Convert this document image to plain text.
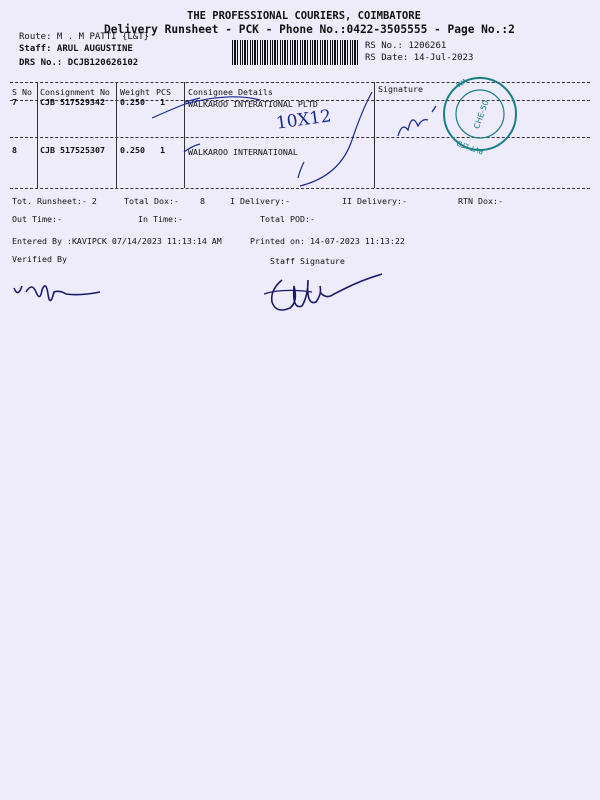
THE PROFESSIONAL COURIERS, COIMBATORE
Delivery Runsheet - PCK - Phone No.:0422-3505555 - Page No.:2
Route: M . M PATTI {L&T}
Staff: ARUL AUGUSTINE
DRS No.: DCJB120626102
RS No.: 1206261
RS Date: 14-Jul-2023
S No Consignment No Weight PCS Consignee Details	Signature
7	CJB 517529342 0.250 1	WALKAROO INTERATIONAL PLTD
8	CJB 517525307 0.250 1	WALKAROO INTERNATIONAL
10X12	CHE-50
WA
PVT LTD
Tot. Runsheet:- 2	Total Dox:-	8	I Delivery:-	II Delivery:-	RTN Dox:-
Out Time:-	In Time:-	Total POD:-
Entered By :KAVIPCK 07/14/2023 11:13:14 AM	Printed on: 14-07-2023 11:13:22
Verified By	Staff Signature
